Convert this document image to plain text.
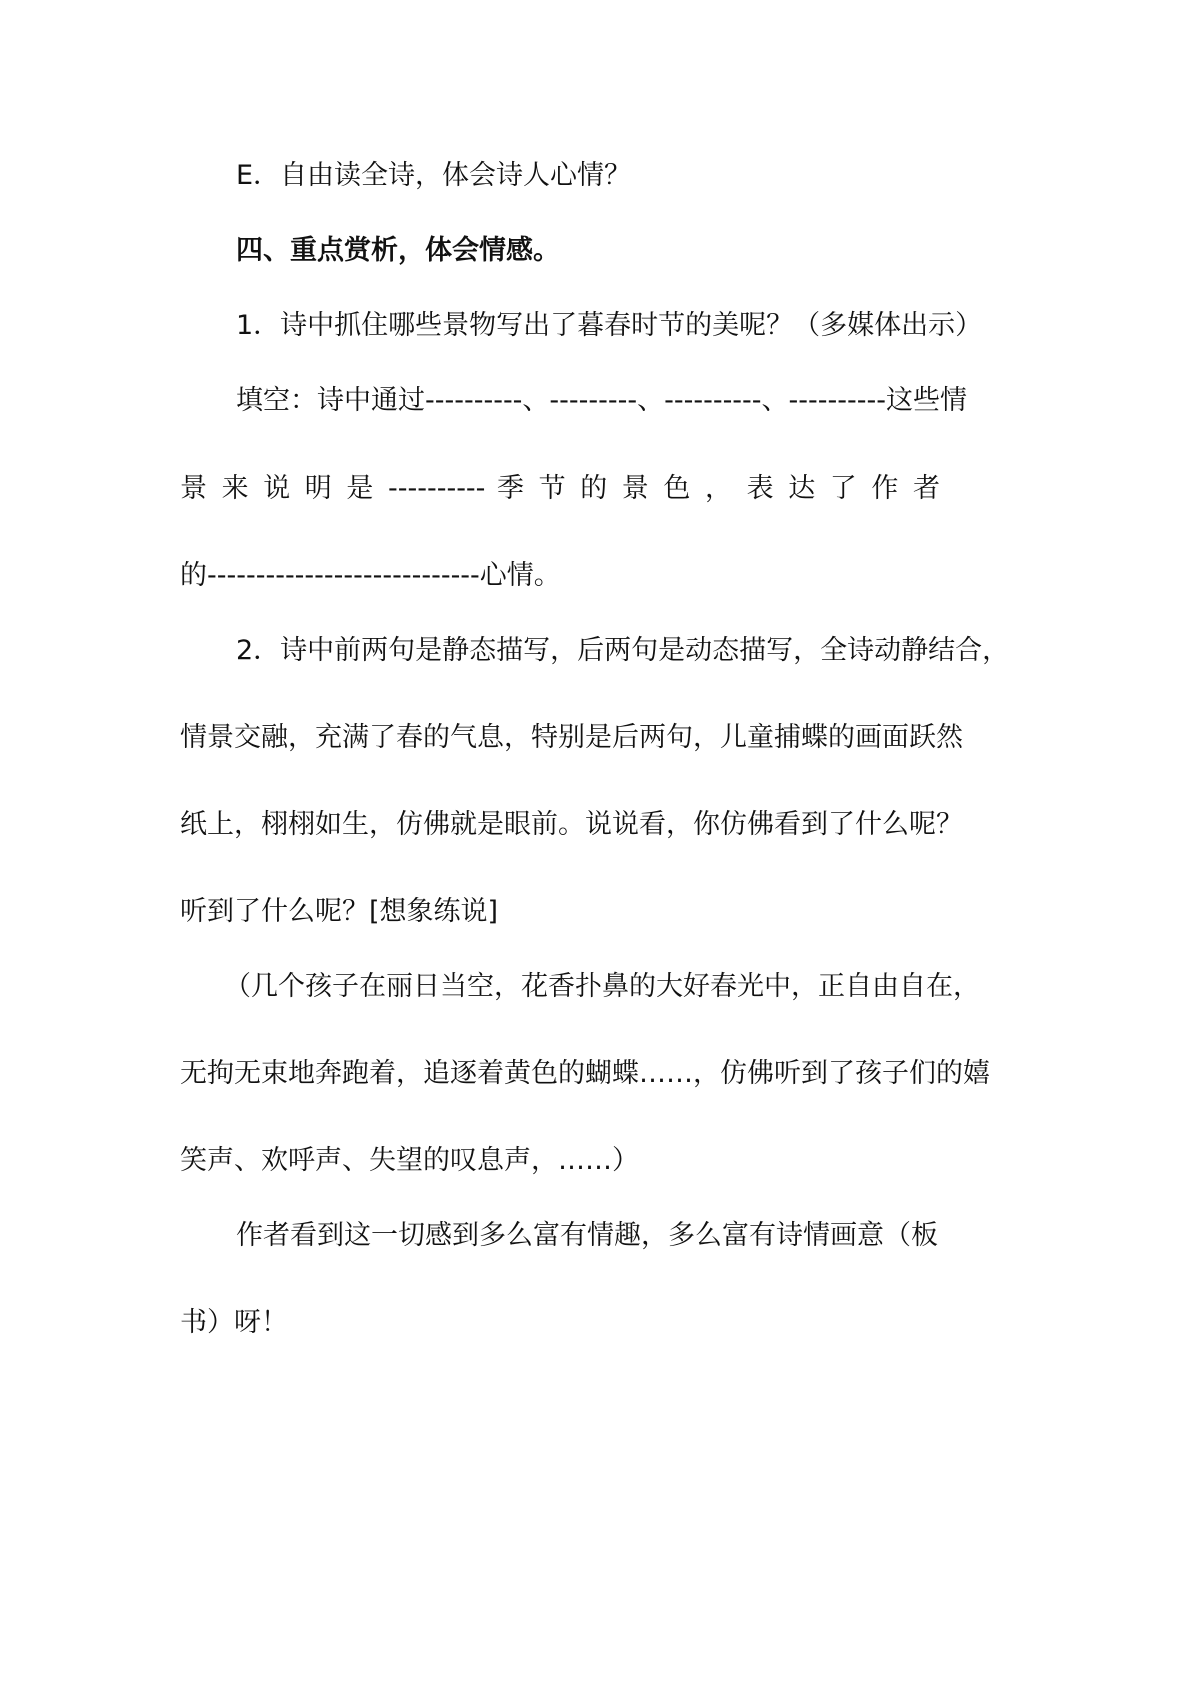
E．自由读全诗，体会诗人心情？
四、重点赏析，体会情感。
1．诗中抓住哪些景物写出了暮春时节的美呢？（多媒体出示）
填空：诗中通过----------、---------、----------、----------这些情
景 来 说 明 是 ---------- 季 节 的 景 色 ， 表 达 了 作 者
的----------------------------心情。
2．诗中前两句是静态描写，后两句是动态描写，全诗动静结合，
情景交融，充满了春的气息，特别是后两句，儿童捕蝶的画面跃然
纸上，栩栩如生，仿佛就是眼前。说说看，你仿佛看到了什么呢？
听到了什么呢？[想象练说]
（几个孩子在丽日当空，花香扑鼻的大好春光中，正自由自在，
无拘无束地奔跑着，追逐着黄色的蝴蝶……，仿佛听到了孩子们的嬉
笑声、欢呼声、失望的叹息声，……）
作者看到这一切感到多么富有情趣，多么富有诗情画意（板
书）呀！
